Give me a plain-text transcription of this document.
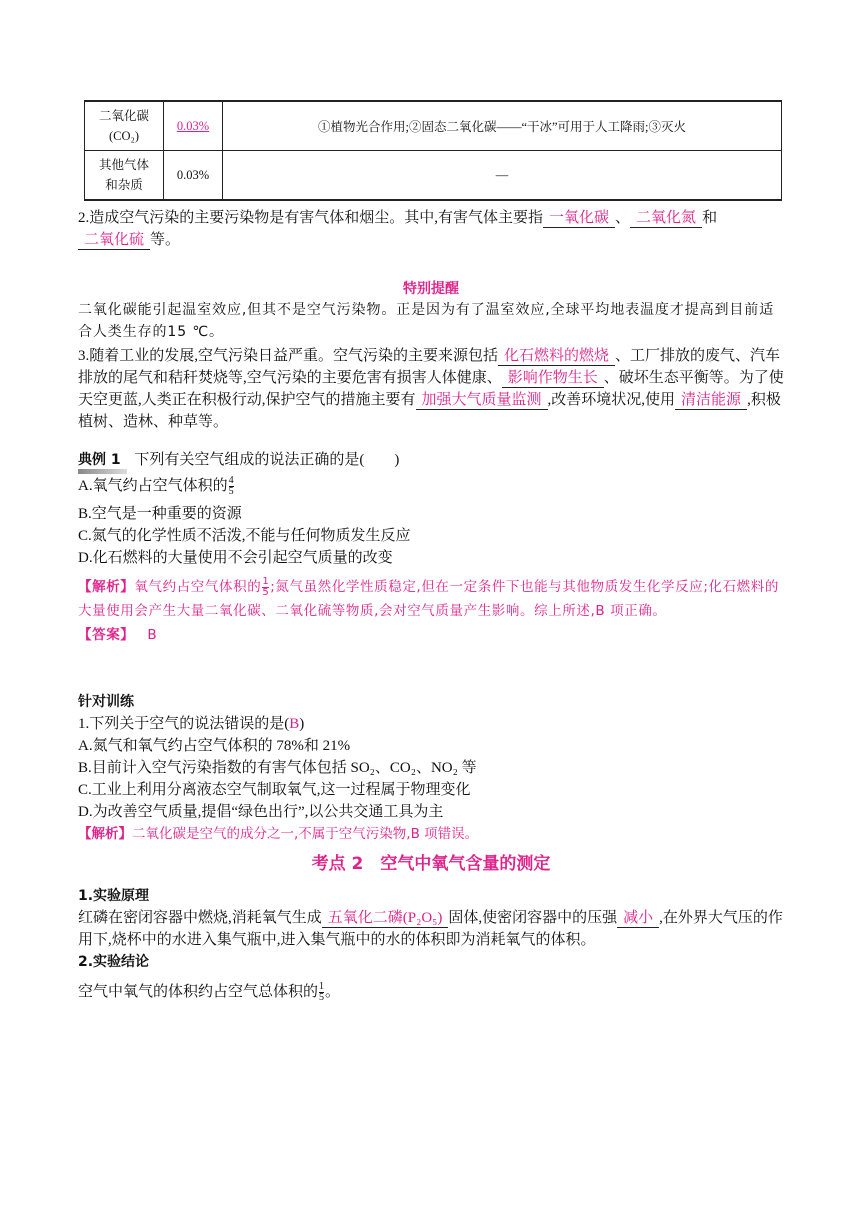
二氧化碳
(CO₂)	0.03%	①植物光合作用;②固态二氧化碳——“干冰”可用于人工降雨;③灭火

其他气体
和杂质	0.03%	—

2.造成空气污染的主要污染物是有害气体和烟尘。其中,有害气体主要指 一氧化碳 、 二氧化氮 和二氧化硫 等。

特别提醒

二氧化碳能引起温室效应,但其不是空气污染物。正是因为有了温室效应,全球平均地表温度才提高到目前适合人类生存的15 ℃。

3.随着工业的发展,空气污染日益严重。空气污染的主要来源包括 化石燃料的燃烧 、工厂排放的废气、汽车排放的尾气和秸秆焚烧等,空气污染的主要危害有损害人体健康、 影响作物生长 、破坏生态平衡等。为了使天空更蓝,人类正在积极行动,保护空气的措施主要有 加强大气质量监测 ,改善环境状况,使用 清洁能源 ,积极植树、造林、种草等。

典例 1 下列有关空气组成的说法正确的是(　　)

A.氧气约占空气体积的 $\frac{4}{5}$

B.空气是一种重要的资源

C.氮气的化学性质不活泼,不能与任何物质发生反应

D.化石燃料的大量使用不会引起空气质量的改变

【解析】氧气约占空气体积的 $\frac{1}{5}$ ;氮气虽然化学性质稳定,但在一定条件下也能与其他物质发生化学反应;化石燃料的大量使用会产生大量二氧化碳、二氧化硫等物质,会对空气质量产生影响。综上所述,B 项正确。

【答案】 B

针对训练

1.下列关于空气的说法错误的是(B)

A.氮气和氧气约占空气体积的 78%和 21%

B.目前计入空气污染指数的有害气体包括 SO₂、CO₂、NO₂ 等

C.工业上利用分离液态空气制取氧气,这一过程属于物理变化

D.为改善空气质量,提倡“绿色出行”,以公共交通工具为主

【解析】二氧化碳是空气的成分之一,不属于空气污染物,B 项错误。

考点 2　空气中氧气含量的测定

1.实验原理

红磷在密闭容器中燃烧,消耗氧气生成 五氧化二磷(P₂O₅) 固体,使密闭容器中的压强 减小 ,在外界大气压的作用下,烧杯中的水进入集气瓶中,进入集气瓶中的水的体积即为消耗氧气的体积。

2.实验结论

空气中氧气的体积约占空气总体积的 $\frac{1}{5}$ 。
